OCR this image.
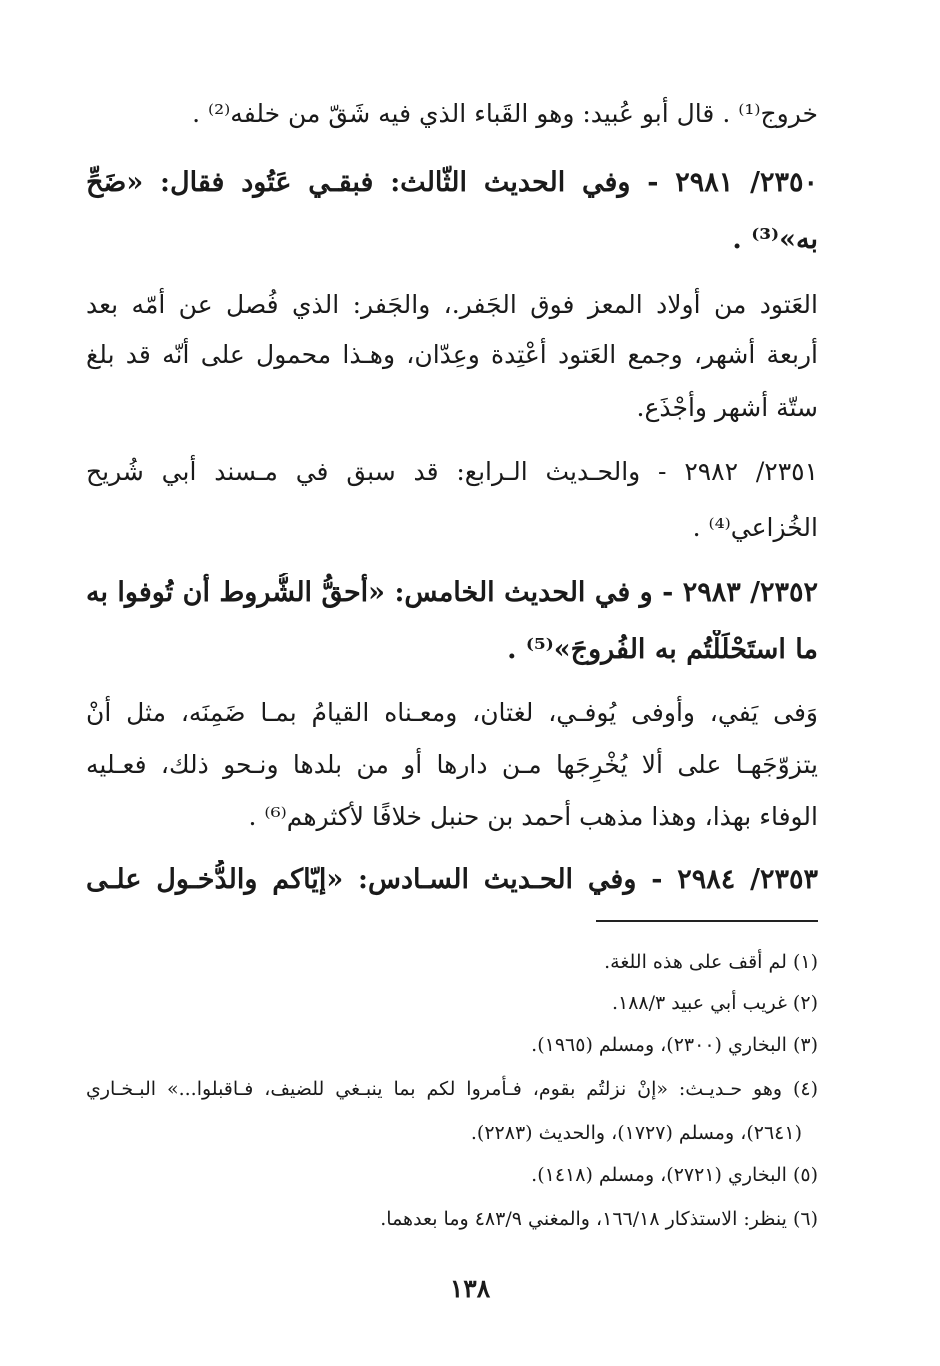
خروج⁽¹⁾ . قال أبو عُبيد: وهو القَباء الذي فيه شَقّ من خلفه⁽²⁾ .
٢٣٥٠/ ٢٩٨١ - وفي الحديث الثّالث: فبقـي عَتُود فقال: «ضَحِّ
به»⁽³⁾ .
العَتود من أولاد المعز فوق الجَفر.، والجَفر: الذي فُصل عن أمّه بعد
أربعة أشهر، وجمع العَتود أعْتِدة وعِدّان، وهـذا محمول على أنّه قد بلغ
ستّة أشهر وأجْذَع.
٢٣٥١/ ٢٩٨٢ - والحـديث الـرابع: قد سبق في مـسند أبي شُريح
الخُزاعي⁽⁴⁾ .
٢٣٥٢/ ٢٩٨٣ - و في الحديث الخامس: «أحقُّ الشُّروط أن تُوفوا به
ما استَحْلَلْتُم به الفُروجَ»⁽⁵⁾ .
وَفى يَفي، وأوفى يُوفـي، لغتان، ومعـناه القيامُ بمـا ضَمِنَه، مثل أنْ
يتزوّجَهـا على ألا يُخْرِجَها مـن دارها أو من بلدها ونـحو ذلك، فعـليه
الوفاء بهذا، وهذا مذهب أحمد بن حنبل خلافًا لأكثرهم⁽⁶⁾ .
٢٣٥٣/ ٢٩٨٤ - وفي الحـديث السـادس: «إيّاكم والدُّخـول علـى
(١) لم أقف على هذه اللغة.
(٢) غريب أبي عبيد ١٨٨/٣.
(٣) البخاري (٢٣٠٠)، ومسلم (١٩٦٥).
(٤) وهو حـديـث: «إنْ نزلتُم بقوم، فـأمروا لكم بما ينبـغي للضيف، فـاقبلوا...» البـخـاري
(٢٦٤١)، ومسلم (١٧٢٧)، والحديث (٢٢٨٣).
(٥) البخاري (٢٧٢١)، ومسلم (١٤١٨).
(٦) ينظر: الاستذكار ١٦٦/١٨، والمغني ٤٨٣/٩ وما بعدهما.
١٣٨
